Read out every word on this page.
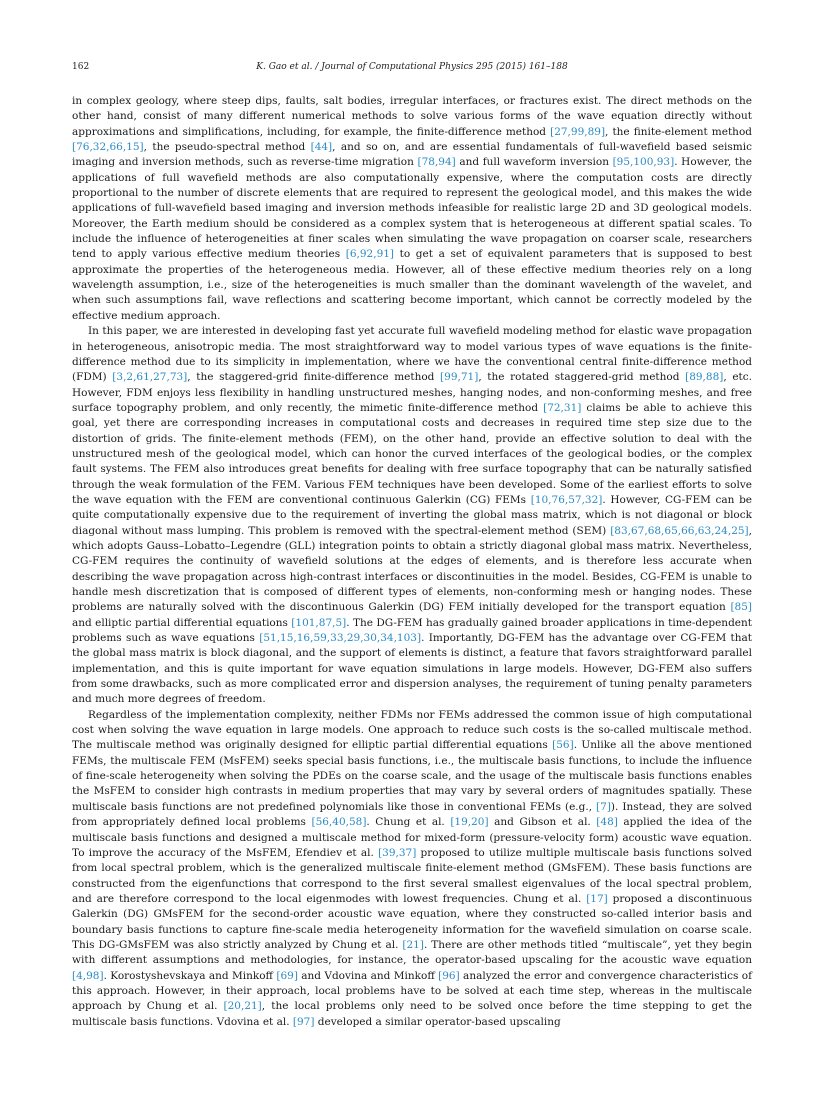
162	K. Gao et al. / Journal of Computational Physics 295 (2015) 161–188

in complex geology, where steep dips, faults, salt bodies, irregular interfaces, or fractures exist. The direct methods on the other hand, consist of many different numerical methods to solve various forms of the wave equation directly without approximations and simplifications, including, for example, the finite-difference method [27,99,89], the finite-element method [76,32,66,15], the pseudo-spectral method [44], and so on, and are essential fundamentals of full-wavefield based seismic imaging and inversion methods, such as reverse-time migration [78,94] and full waveform inversion [95,100,93]. However, the applications of full wavefield methods are also computationally expensive, where the computation costs are directly proportional to the number of discrete elements that are required to represent the geological model, and this makes the wide applications of full-wavefield based imaging and inversion methods infeasible for realistic large 2D and 3D geological models. Moreover, the Earth medium should be considered as a complex system that is heterogeneous at different spatial scales. To include the influence of heterogeneities at finer scales when simulating the wave propagation on coarser scale, researchers tend to apply various effective medium theories [6,92,91] to get a set of equivalent parameters that is supposed to best approximate the properties of the heterogeneous media. However, all of these effective medium theories rely on a long wavelength assumption, i.e., size of the heterogeneities is much smaller than the dominant wavelength of the wavelet, and when such assumptions fail, wave reflections and scattering become important, which cannot be correctly modeled by the effective medium approach.

In this paper, we are interested in developing fast yet accurate full wavefield modeling method for elastic wave propagation in heterogeneous, anisotropic media. The most straightforward way to model various types of wave equations is the finite-difference method due to its simplicity in implementation, where we have the conventional central finite-difference method (FDM) [3,2,61,27,73], the staggered-grid finite-difference method [99,71], the rotated staggered-grid method [89,88], etc. However, FDM enjoys less flexibility in handling unstructured meshes, hanging nodes, and non-conforming meshes, and free surface topography problem, and only recently, the mimetic finite-difference method [72,31] claims be able to achieve this goal, yet there are corresponding increases in computational costs and decreases in required time step size due to the distortion of grids. The finite-element methods (FEM), on the other hand, provide an effective solution to deal with the unstructured mesh of the geological model, which can honor the curved interfaces of the geological bodies, or the complex fault systems. The FEM also introduces great benefits for dealing with free surface topography that can be naturally satisfied through the weak formulation of the FEM. Various FEM techniques have been developed. Some of the earliest efforts to solve the wave equation with the FEM are conventional continuous Galerkin (CG) FEMs [10,76,57,32]. However, CG-FEM can be quite computationally expensive due to the requirement of inverting the global mass matrix, which is not diagonal or block diagonal without mass lumping. This problem is removed with the spectral-element method (SEM) [83,67,68,65,66,63,24,25], which adopts Gauss–Lobatto–Legendre (GLL) integration points to obtain a strictly diagonal global mass matrix. Nevertheless, CG-FEM requires the continuity of wavefield solutions at the edges of elements, and is therefore less accurate when describing the wave propagation across high-contrast interfaces or discontinuities in the model. Besides, CG-FEM is unable to handle mesh discretization that is composed of different types of elements, non-conforming mesh or hanging nodes. These problems are naturally solved with the discontinuous Galerkin (DG) FEM initially developed for the transport equation [85] and elliptic partial differential equations [101,87,5]. The DG-FEM has gradually gained broader applications in time-dependent problems such as wave equations [51,15,16,59,33,29,30,34,103]. Importantly, DG-FEM has the advantage over CG-FEM that the global mass matrix is block diagonal, and the support of elements is distinct, a feature that favors straightforward parallel implementation, and this is quite important for wave equation simulations in large models. However, DG-FEM also suffers from some drawbacks, such as more complicated error and dispersion analyses, the requirement of tuning penalty parameters and much more degrees of freedom.

Regardless of the implementation complexity, neither FDMs nor FEMs addressed the common issue of high computational cost when solving the wave equation in large models. One approach to reduce such costs is the so-called multiscale method. The multiscale method was originally designed for elliptic partial differential equations [56]. Unlike all the above mentioned FEMs, the multiscale FEM (MsFEM) seeks special basis functions, i.e., the multiscale basis functions, to include the influence of fine-scale heterogeneity when solving the PDEs on the coarse scale, and the usage of the multiscale basis functions enables the MsFEM to consider high contrasts in medium properties that may vary by several orders of magnitudes spatially. These multiscale basis functions are not predefined polynomials like those in conventional FEMs (e.g., [7]). Instead, they are solved from appropriately defined local problems [56,40,58]. Chung et al. [19,20] and Gibson et al. [48] applied the idea of the multiscale basis functions and designed a multiscale method for mixed-form (pressure-velocity form) acoustic wave equation. To improve the accuracy of the MsFEM, Efendiev et al. [39,37] proposed to utilize multiple multiscale basis functions solved from local spectral problem, which is the generalized multiscale finite-element method (GMsFEM). These basis functions are constructed from the eigenfunctions that correspond to the first several smallest eigenvalues of the local spectral problem, and are therefore correspond to the local eigenmodes with lowest frequencies. Chung et al. [17] proposed a discontinuous Galerkin (DG) GMsFEM for the second-order acoustic wave equation, where they constructed so-called interior basis and boundary basis functions to capture fine-scale media heterogeneity information for the wavefield simulation on coarse scale. This DG-GMsFEM was also strictly analyzed by Chung et al. [21]. There are other methods titled “multiscale”, yet they begin with different assumptions and methodologies, for instance, the operator-based upscaling for the acoustic wave equation [4,98]. Korostyshevskaya and Minkoff [69] and Vdovina and Minkoff [96] analyzed the error and convergence characteristics of this approach. However, in their approach, local problems have to be solved at each time step, whereas in the multiscale approach by Chung et al. [20,21], the local problems only need to be solved once before the time stepping to get the multiscale basis functions. Vdovina et al. [97] developed a similar operator-based upscaling
